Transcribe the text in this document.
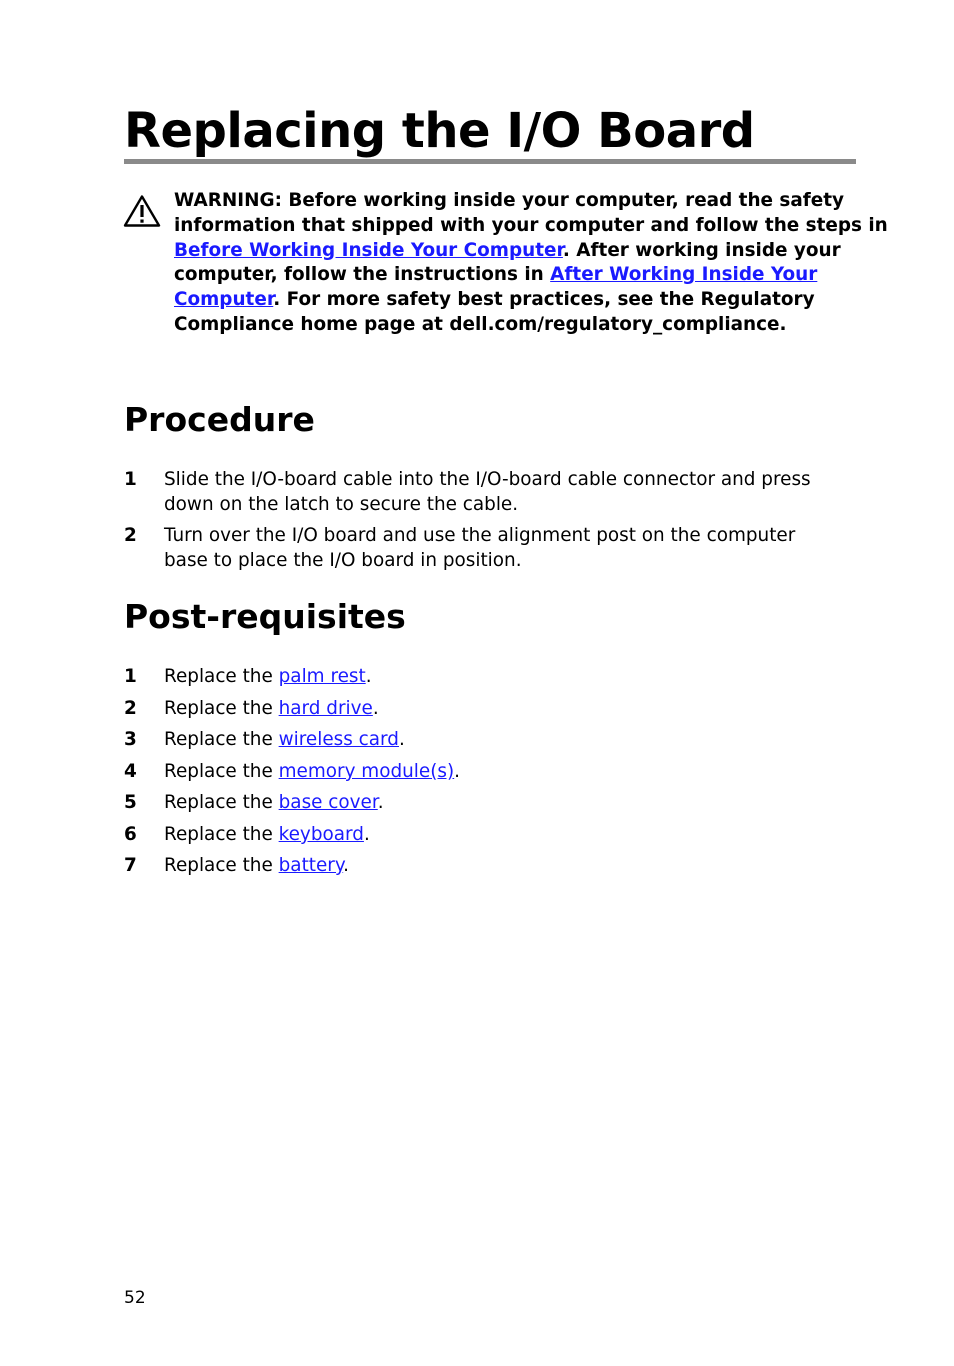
Replacing the I/O Board

WARNING: Before working inside your computer, read the safety
information that shipped with your computer and follow the steps in
Before Working Inside Your Computer. After working inside your
computer, follow the instructions in After Working Inside Your
Computer. For more safety best practices, see the Regulatory
Compliance home page at dell.com/regulatory_compliance.

Procedure
1 Slide the I/O-board cable into the I/O-board cable connector and press
down on the latch to secure the cable.
2 Turn over the I/O board and use the alignment post on the computer
base to place the I/O board in position.
Post-requisites
1 Replace the palm rest.
2 Replace the hard drive.
3 Replace the wireless card.
4 Replace the memory module(s).
5 Replace the base cover.
6 Replace the keyboard.
7 Replace the battery.
52
